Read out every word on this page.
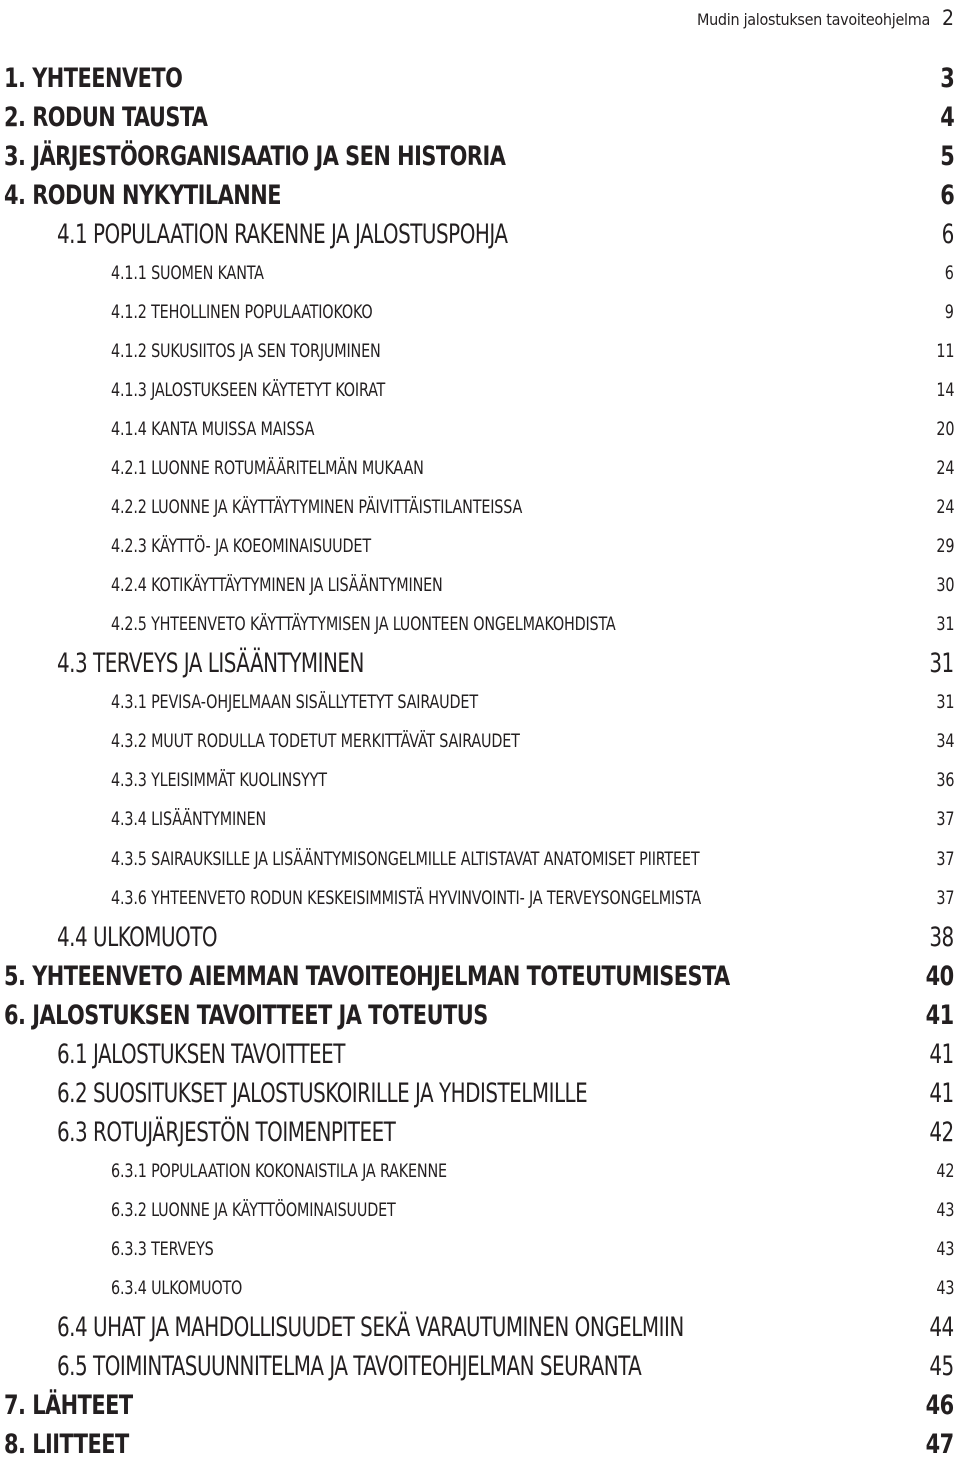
Mudin jalostuksen tavoiteohjelma 2
1. YHTEENVETO	3
2. RODUN TAUSTA	4
3. JÄRJESTÖORGANISAATIO JA SEN HISTORIA	5
4. RODUN NYKYTILANNE	6
4.1 POPULAATION RAKENNE JA JALOSTUSPOHJA	6
4.1.1 SUOMEN KANTA	6
4.1.2 TEHOLLINEN POPULAATIOKOKO	9
4.1.2 SUKUSIITOS JA SEN TORJUMINEN	11
4.1.3 JALOSTUKSEEN KÄYTETYT KOIRAT	14
4.1.4 KANTA MUISSA MAISSA	20
4.2.1 LUONNE ROTUMÄÄRITELMÄN MUKAAN	24
4.2.2 LUONNE JA KÄYTTÄYTYMINEN PÄIVITTÄISTILANTEISSA	24
4.2.3 KÄYTTÖ- JA KOEOMINAISUUDET	29
4.2.4 KOTIKÄYTTÄYTYMINEN JA LISÄÄNTYMINEN	30
4.2.5 YHTEENVETO KÄYTTÄYTYMISEN JA LUONTEEN ONGELMAKOHDISTA	31
4.3 TERVEYS JA LISÄÄNTYMINEN	31
4.3.1 PEVISA-OHJELMAAN SISÄLLYTETYT SAIRAUDET	31
4.3.2 MUUT RODULLA TODETUT MERKITTÄVÄT SAIRAUDET	34
4.3.3 YLEISIMMÄT KUOLINSYYT	36
4.3.4 LISÄÄNTYMINEN	37
4.3.5 SAIRAUKSILLE JA LISÄÄNTYMISONGELMILLE ALTISTAVAT ANATOMISET PIIRTEET	37
4.3.6 YHTEENVETO RODUN KESKEISIMMISTÄ HYVINVOINTI- JA TERVEYSONGELMISTA	37
4.4 ULKOMUOTO	38
5. YHTEENVETO AIEMMAN TAVOITEOHJELMAN TOTEUTUMISESTA	40
6. JALOSTUKSEN TAVOITTEET JA TOTEUTUS	41
6.1 JALOSTUKSEN TAVOITTEET	41
6.2 SUOSITUKSET JALOSTUSKOIRILLE JA YHDISTELMILLE	41
6.3 ROTUJÄRJESTÖN TOIMENPITEET	42
6.3.1 POPULAATION KOKONAISTILA JA RAKENNE	42
6.3.2 LUONNE JA KÄYTTÖOMINAISUUDET	43
6.3.3 TERVEYS	43
6.3.4 ULKOMUOTO	43
6.4 UHAT JA MAHDOLLISUUDET SEKÄ VARAUTUMINEN ONGELMIIN	44
6.5 TOIMINTASUUNNITELMA JA TAVOITEOHJELMAN SEURANTA	45
7. LÄHTEET	46
8. LIITTEET	47
